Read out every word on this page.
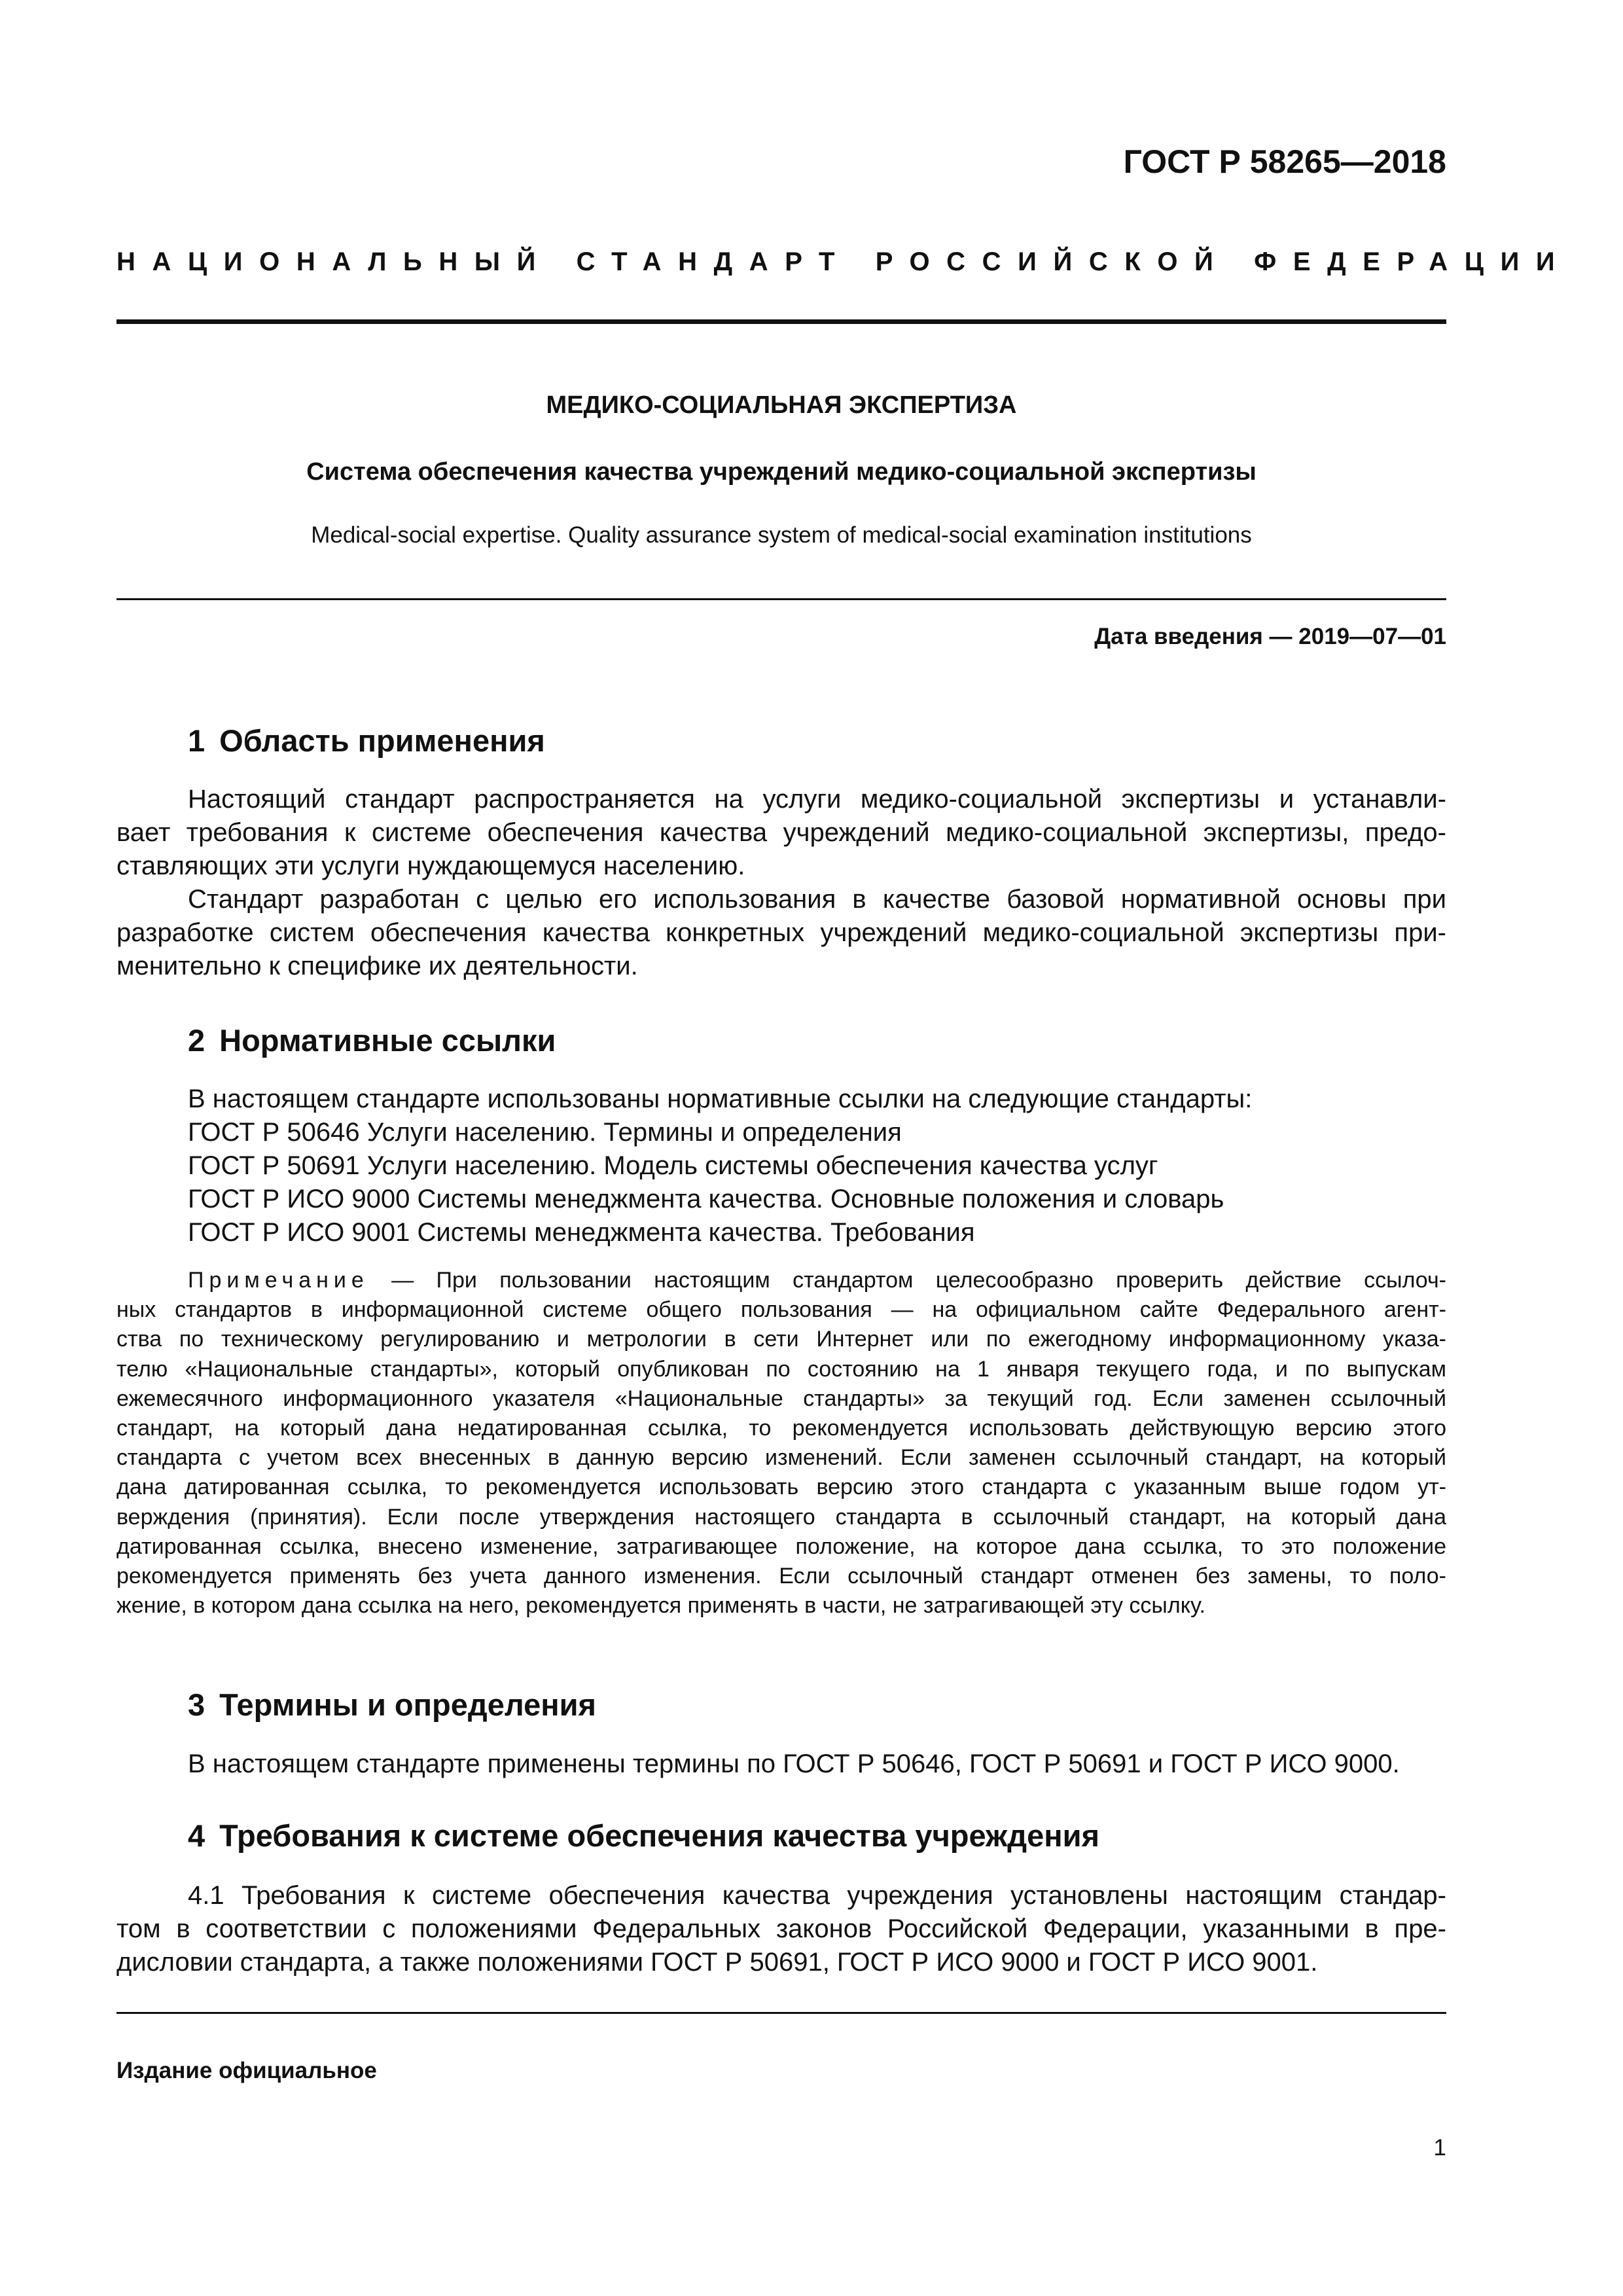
ГОСТ Р 58265—2018
НАЦИОНАЛЬНЫЙ СТАНДАРТ РОССИЙСКОЙ ФЕДЕРАЦИИ
МЕДИКО-СОЦИАЛЬНАЯ ЭКСПЕРТИЗА
Система обеспечения качества учреждений медико-социальной экспертизы
Medical-social expertise. Quality assurance system of medical-social examination institutions
Дата введения — 2019—07—01
1 Область применения
Настоящий стандарт распространяется на услуги медико-социальной экспертизы и устанавли-
вает требования к системе обеспечения качества учреждений медико-социальной экспертизы, предо-
ставляющих эти услуги нуждающемуся населению.
Стандарт разработан с целью его использования в качестве базовой нормативной основы при
разработке систем обеспечения качества конкретных учреждений медико-социальной экспертизы при-
менительно к специфике их деятельности.
2 Нормативные ссылки
В настоящем стандарте использованы нормативные ссылки на следующие стандарты:
ГОСТ Р 50646 Услуги населению. Термины и определения
ГОСТ Р 50691 Услуги населению. Модель системы обеспечения качества услуг
ГОСТ Р ИСО 9000 Системы менеджмента качества. Основные положения и словарь
ГОСТ Р ИСО 9001 Системы менеджмента качества. Требования
Примечание — При пользовании настоящим стандартом целесообразно проверить действие ссылоч-
ных стандартов в информационной системе общего пользования — на официальном сайте Федерального агент-
ства по техническому регулированию и метрологии в сети Интернет или по ежегодному информационному указа-
телю «Национальные стандарты», который опубликован по состоянию на 1 января текущего года, и по выпускам
ежемесячного информационного указателя «Национальные стандарты» за текущий год. Если заменен ссылочный
стандарт, на который дана недатированная ссылка, то рекомендуется использовать действующую версию этого
стандарта с учетом всех внесенных в данную версию изменений. Если заменен ссылочный стандарт, на который
дана датированная ссылка, то рекомендуется использовать версию этого стандарта с указанным выше годом ут-
верждения (принятия). Если после утверждения настоящего стандарта в ссылочный стандарт, на который дана
датированная ссылка, внесено изменение, затрагивающее положение, на которое дана ссылка, то это положение
рекомендуется применять без учета данного изменения. Если ссылочный стандарт отменен без замены, то поло-
жение, в котором дана ссылка на него, рекомендуется применять в части, не затрагивающей эту ссылку.
3 Термины и определения
В настоящем стандарте применены термины по ГОСТ Р 50646, ГОСТ Р 50691 и ГОСТ Р ИСО 9000.
4 Требования к системе обеспечения качества учреждения
4.1 Требования к системе обеспечения качества учреждения установлены настоящим стандар-
том в соответствии с положениями Федеральных законов Российской Федерации, указанными в пре-
дисловии стандарта, а также положениями ГОСТ Р 50691, ГОСТ Р ИСО 9000 и ГОСТ Р ИСО 9001.
Издание официальное
1
